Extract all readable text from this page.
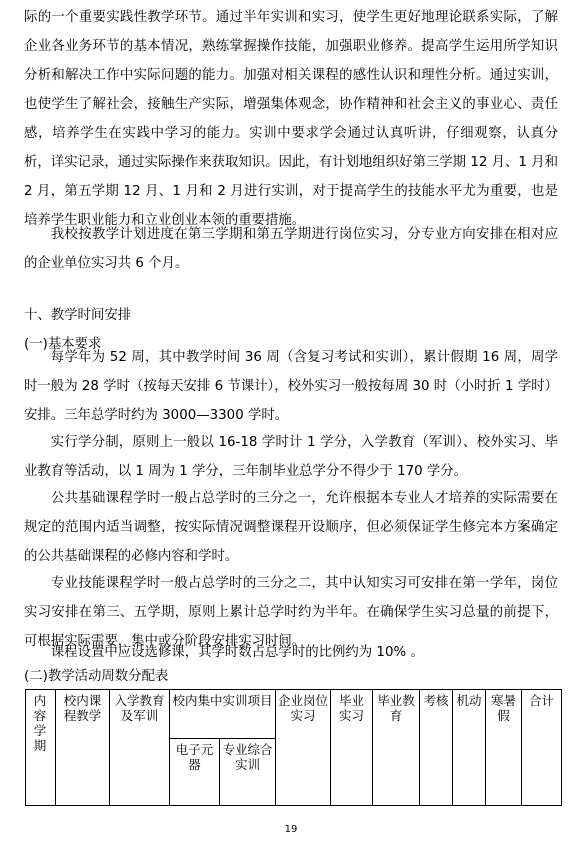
际的一个重要实践性教学环节。通过半年实训和实习，使学生更好地理论联系实际，了解企业各业务环节的基本情况，熟练掌握操作技能，加强职业修养。提高学生运用所学知识分析和解决工作中实际问题的能力。加强对相关课程的感性认识和理性分析。通过实训，也使学生了解社会，接触生产实际，增强集体观念，协作精神和社会主义的事业心、责任感，培养学生在实践中学习的能力。实训中要求学会通过认真听讲，仔细观察，认真分析，详实记录，通过实际操作来获取知识。因此，有计划地组织好第三学期 12 月、1 月和 2 月，第五学期 12 月、1 月和 2 月进行实训，对于提高学生的技能水平尤为重要，也是培养学生职业能力和立业创业本领的重要措施。

我校按教学计划进度在第三学期和第五学期进行岗位实习，分专业方向安排在相对应的企业单位实习共 6 个月。

十、教学时间安排
(一)基本要求

每学年为 52 周，其中教学时间 36 周（含复习考试和实训），累计假期 16 周，周学时一般为 28 学时（按每天安排 6 节课计），校外实习一般按每周 30 时（小时折 1 学时）安排。三年总学时约为 3000—3300 学时。

实行学分制，原则上一般以 16-18 学时计 1 学分，入学教育（军训）、校外实习、毕业教育等活动，以 1 周为 1 学分，三年制毕业总学分不得少于 170 学分。

公共基础课程学时一般占总学时的三分之一，允许根据本专业人才培养的实际需要在规定的范围内适当调整，按实际情况调整课程开设顺序，但必须保证学生修完本方案确定的公共基础课程的必修内容和学时。

专业技能课程学时一般占总学时的三分之二，其中认知实习可安排在第一学年，岗位实习安排在第三、五学期，原则上累计总学时约为半年。在确保学生实习总量的前提下，可根据实际需要，集中或分阶段安排实习时间。

课程设置中应设选修课，其学时数占总学时的比例约为 10% 。

(二)教学活动周数分配表
内容 学期	校内课程教学	入学教育及军训	校内集中实训项目		企业岗位实习	毕业实习	毕业教育	考核	机动	寒暑假	合计
			电子元器	专业综合实训							
19
